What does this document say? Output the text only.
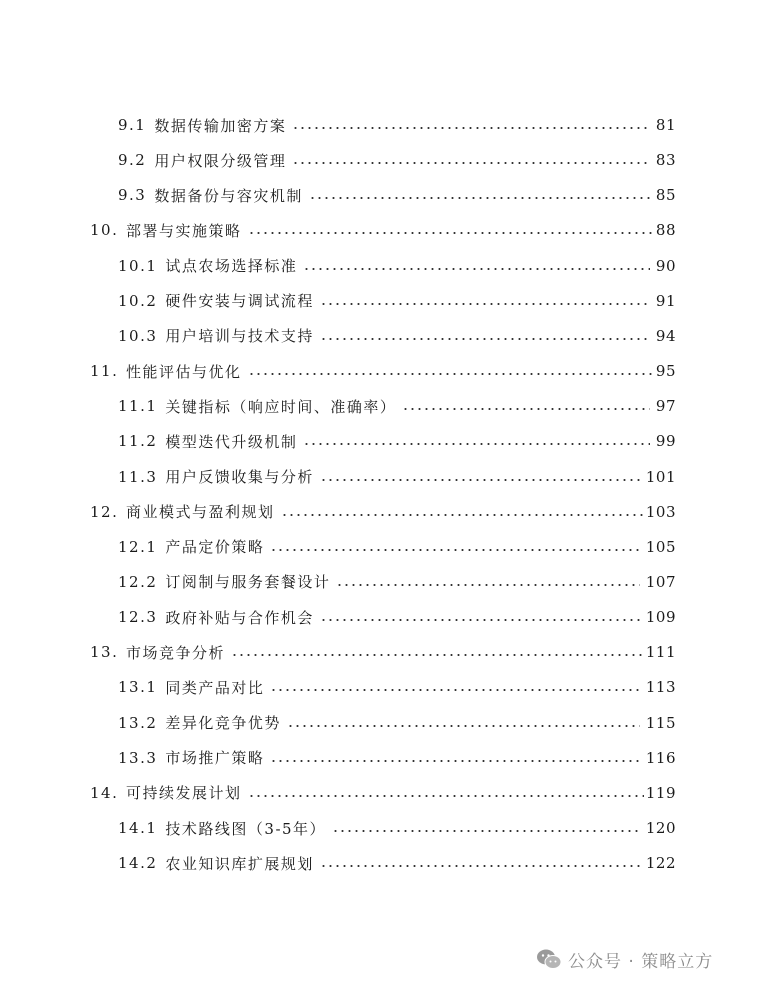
9.1 数据传输加密方案	81
9.2 用户权限分级管理	83
9.3 数据备份与容灾机制	85
10. 部署与实施策略	88
10.1 试点农场选择标准	90
10.2 硬件安装与调试流程	91
10.3 用户培训与技术支持	94
11. 性能评估与优化	95
11.1 关键指标（响应时间、准确率）	97
11.2 模型迭代升级机制	99
11.3 用户反馈收集与分析	101
12. 商业模式与盈利规划	103
12.1 产品定价策略	105
12.2 订阅制与服务套餐设计	107
12.3 政府补贴与合作机会	109
13. 市场竞争分析	111
13.1 同类产品对比	113
13.2 差异化竞争优势	115
13.3 市场推广策略	116
14. 可持续发展计划	119
14.1 技术路线图（3-5年）	120
14.2 农业知识库扩展规划	122
公众号 · 策略立方
